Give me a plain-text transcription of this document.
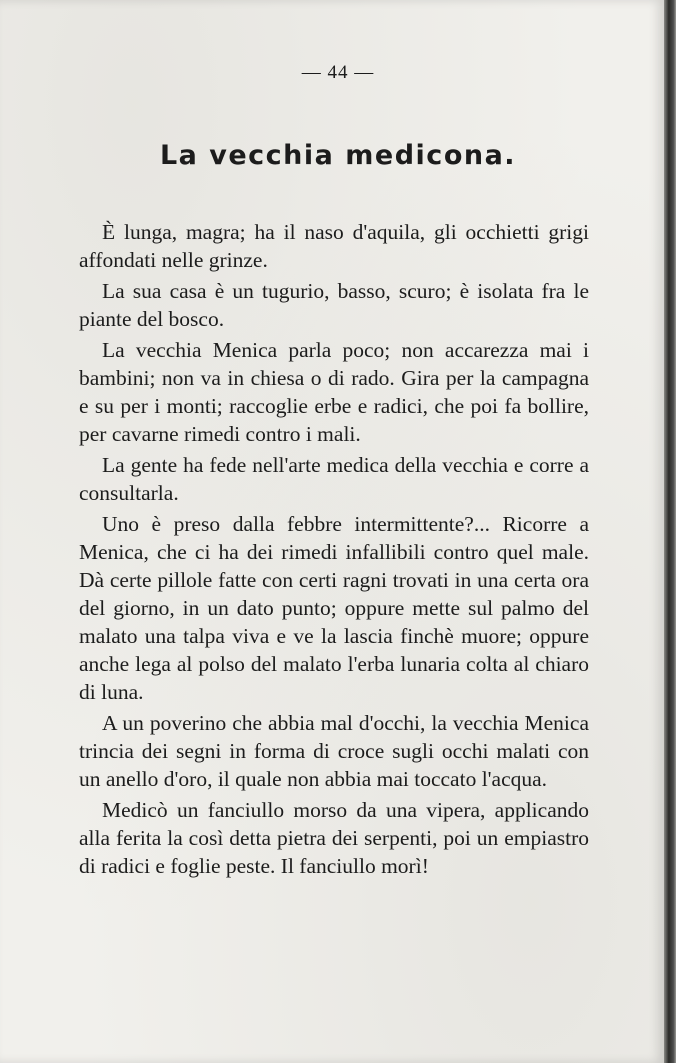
— 44 —
La vecchia medicona.

È lunga, magra; ha il naso d'aquila, gli occhietti grigi affondati nelle grinze.

La sua casa è un tugurio, basso, scuro; è isolata fra le piante del bosco.

La vecchia Menica parla poco; non accarezza mai i bambini; non va in chiesa o di rado. Gira per la campagna e su per i monti; raccoglie erbe e radici, che poi fa bollire, per cavarne rimedi contro i mali.

La gente ha fede nell'arte medica della vecchia e corre a consultarla.

Uno è preso dalla febbre intermittente?... Ricorre a Menica, che ci ha dei rimedi infallibili contro quel male. Dà certe pillole fatte con certi ragni trovati in una certa ora del giorno, in un dato punto; oppure mette sul palmo del malato una talpa viva e ve la lascia finchè muore; oppure anche lega al polso del malato l'erba lunaria colta al chiaro di luna.

A un poverino che abbia mal d'occhi, la vecchia Menica trincia dei segni in forma di croce sugli occhi malati con un anello d'oro, il quale non abbia mai toccato l'acqua.

Medicò un fanciullo morso da una vipera, applicando alla ferita la così detta pietra dei serpenti, poi un empiastro di radici e foglie peste. Il fanciullo morì!
